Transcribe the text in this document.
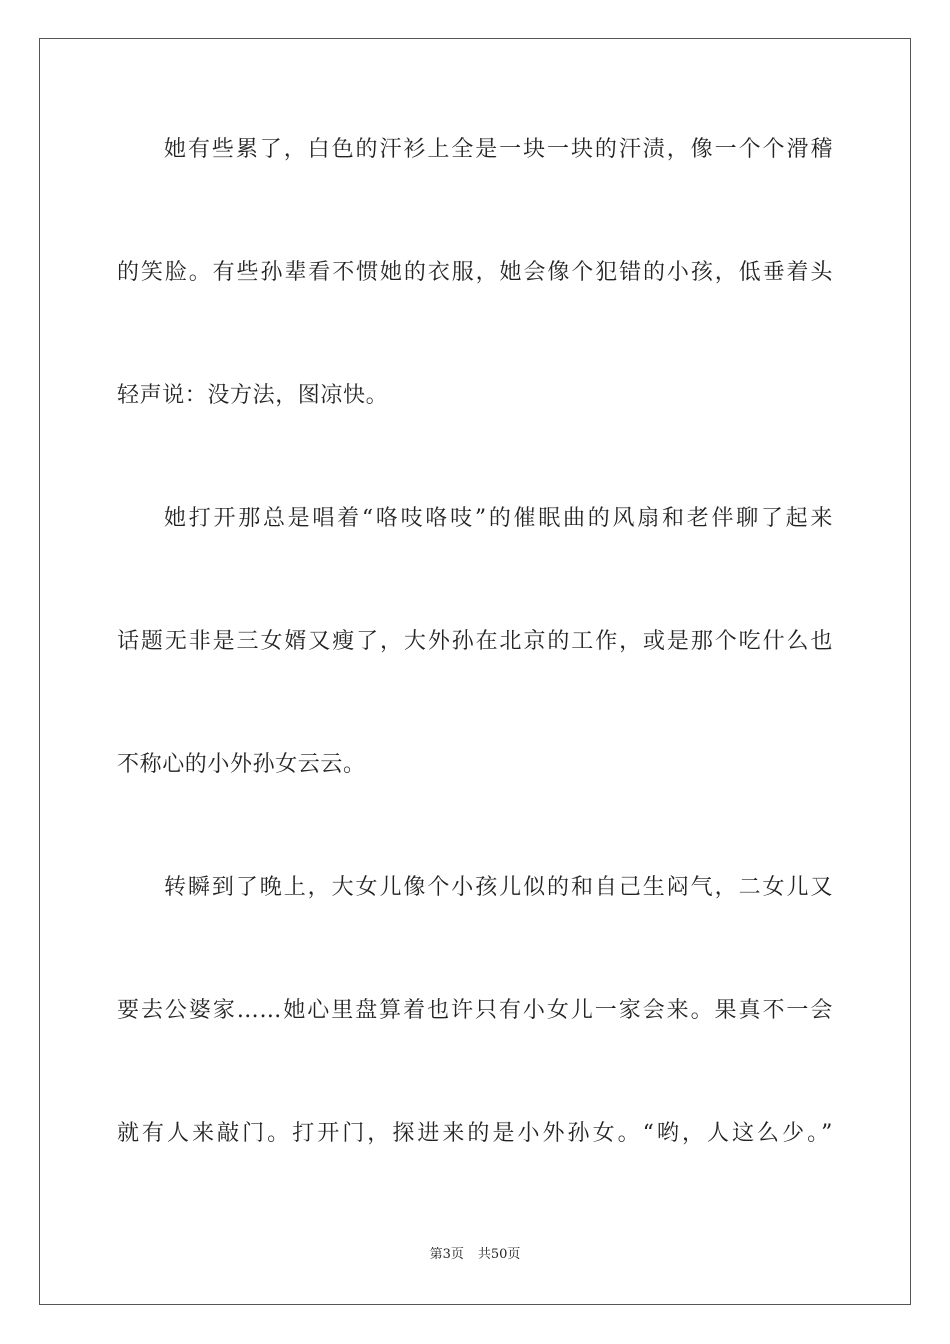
她有些累了，白色的汗衫上全是一块一块的汗渍，像一个个滑稽
的笑脸。有些孙辈看不惯她的衣服，她会像个犯错的小孩，低垂着头
轻声说：没方法，图凉快。
她打开那总是唱着“咯吱咯吱”的催眠曲的风扇和老伴聊了起来
话题无非是三女婿又瘦了，大外孙在北京的工作，或是那个吃什么也
不称心的小外孙女云云。
转瞬到了晚上，大女儿像个小孩儿似的和自己生闷气，二女儿又
要去公婆家……她心里盘算着也许只有小女儿一家会来。果真不一会
就有人来敲门。打开门，探进来的是小外孙女。“哟，人这么少。”
第3页 共50页
